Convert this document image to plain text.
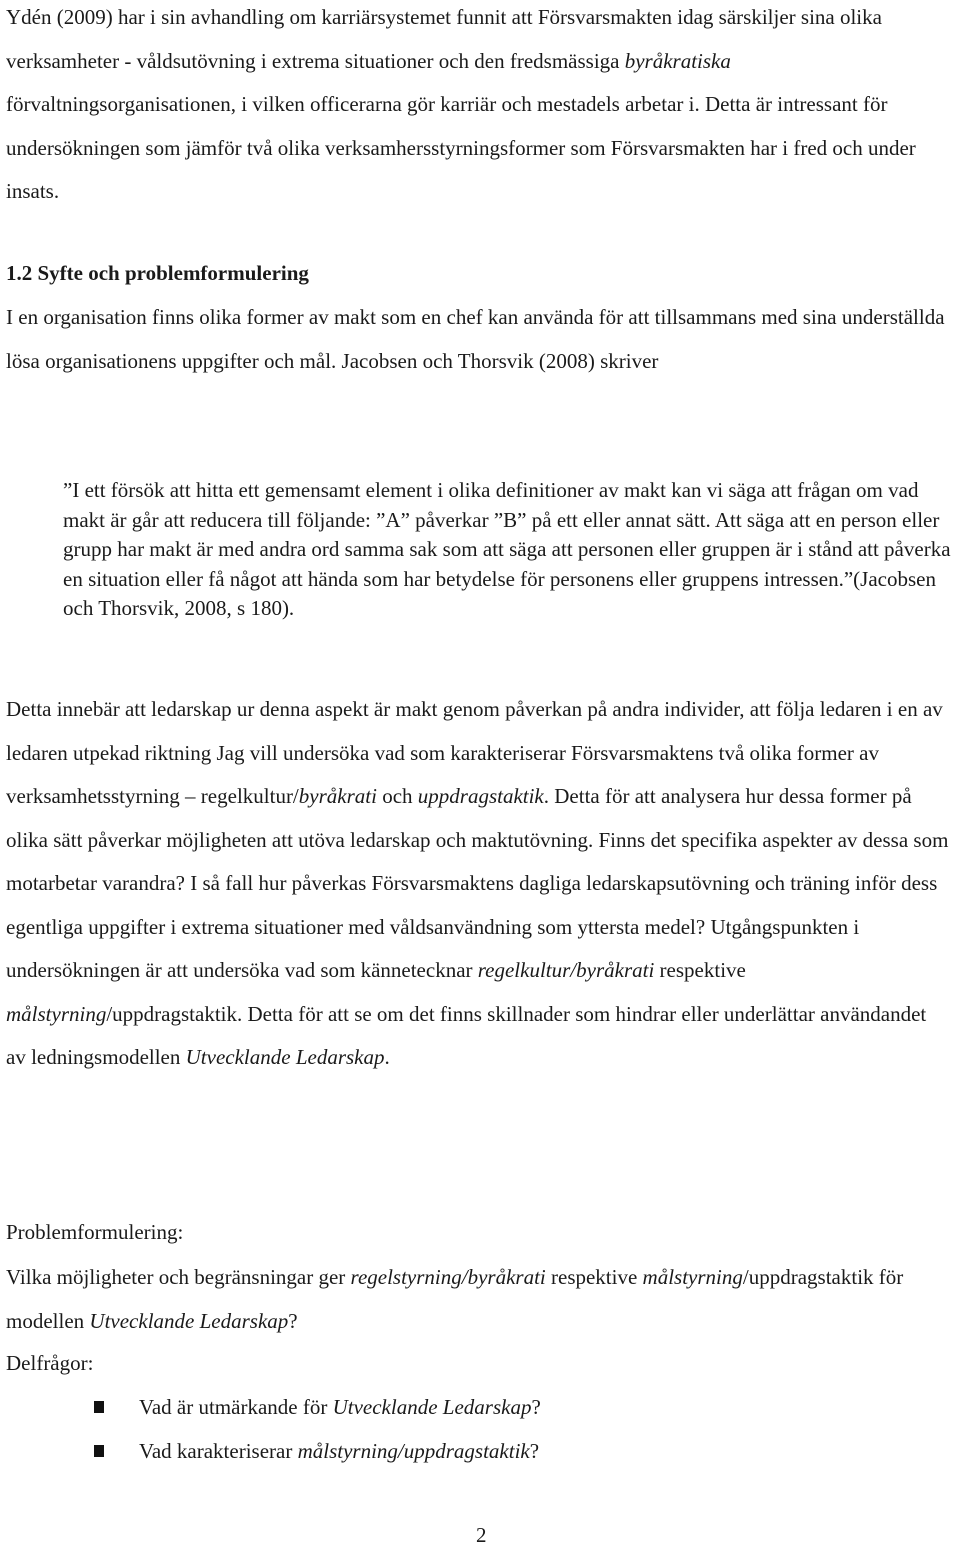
Ydén (2009) har i sin avhandling om karriärsystemet funnit att Försvarsmakten idag särskiljer sina olika verksamheter - våldsutövning i extrema situationer och den fredsmässiga byråkratiska förvaltningsorganisationen, i vilken officerarna gör karriär och mestadels arbetar i. Detta är intressant för undersökningen som jämför två olika verksamhersstyrningsformer som Försvarsmakten har i fred och under insats.

1.2 Syfte och problemformulering

I en organisation finns olika former av makt som en chef kan använda för att tillsammans med sina underställda lösa organisationens uppgifter och mål. Jacobsen och Thorsvik (2008) skriver

”I ett försök att hitta ett gemensamt element i olika definitioner av makt kan vi säga att frågan om vad makt är går att reducera till följande: ”A” påverkar ”B” på ett eller annat sätt. Att säga att en person eller grupp har makt är med andra ord samma sak som att säga att personen eller gruppen är i stånd att påverka en situation eller få något att hända som har betydelse för personens eller gruppens intressen.”(Jacobsen och Thorsvik, 2008, s 180).

Detta innebär att ledarskap ur denna aspekt är makt genom påverkan på andra individer, att följa ledaren i en av ledaren utpekad riktning Jag vill undersöka vad som karakteriserar Försvarsmaktens två olika former av verksamhetsstyrning – regelkultur/byråkrati och uppdragstaktik. Detta för att analysera hur dessa former på olika sätt påverkar möjligheten att utöva ledarskap och maktutövning. Finns det specifika aspekter av dessa som motarbetar varandra? I så fall hur påverkas Försvarsmaktens dagliga ledarskapsutövning och träning inför dess egentliga uppgifter i extrema situationer med våldsanvändning som yttersta medel? Utgångspunkten i undersökningen är att undersöka vad som kännetecknar regelkultur/byråkrati respektive målstyrning/uppdragstaktik. Detta för att se om det finns skillnader som hindrar eller underlättar användandet av ledningsmodellen Utvecklande Ledarskap.

Problemformulering:

Vilka möjligheter och begränsningar ger regelstyrning/byråkrati respektive målstyrning/uppdragstaktik för modellen Utvecklande Ledarskap?

Delfrågor:

Vad är utmärkande för Utvecklande Ledarskap?
Vad karakteriserar målstyrning/uppdragstaktik?

2
